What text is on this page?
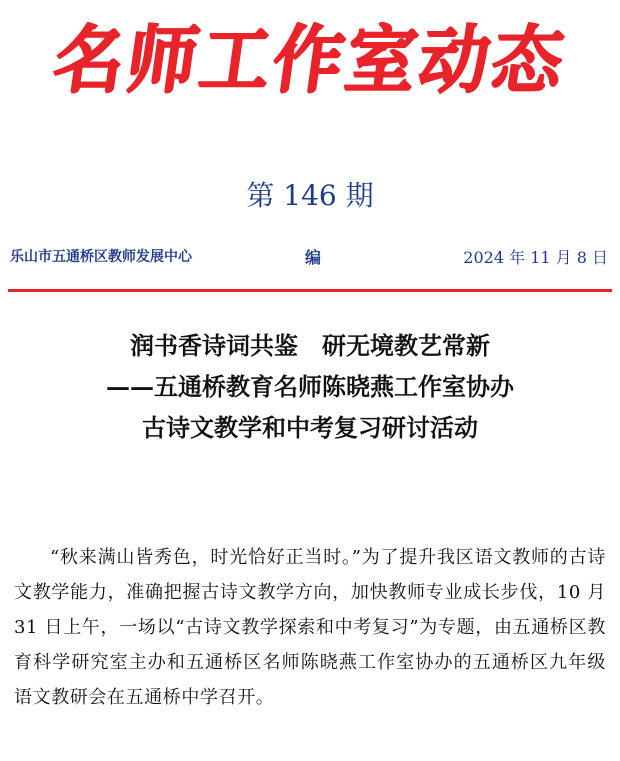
名师工作室动态
第 146 期
乐山市五通桥区教师发展中心	编	2024 年 11 月 8 日
润书香诗词共鉴　研无境教艺常新
——五通桥教育名师陈晓燕工作室协办
古诗文教学和中考复习研讨活动

“秋来满山皆秀色，时光恰好正当时。”为了提升我区语文教师的古诗文教学能力，准确把握古诗文教学方向，加快教师专业成长步伐，10 月 31 日上午，一场以“古诗文教学探索和中考复习”为专题，由五通桥区教育科学研究室主办和五通桥区名师陈晓燕工作室协办的五通桥区九年级语文教研会在五通桥中学召开。
